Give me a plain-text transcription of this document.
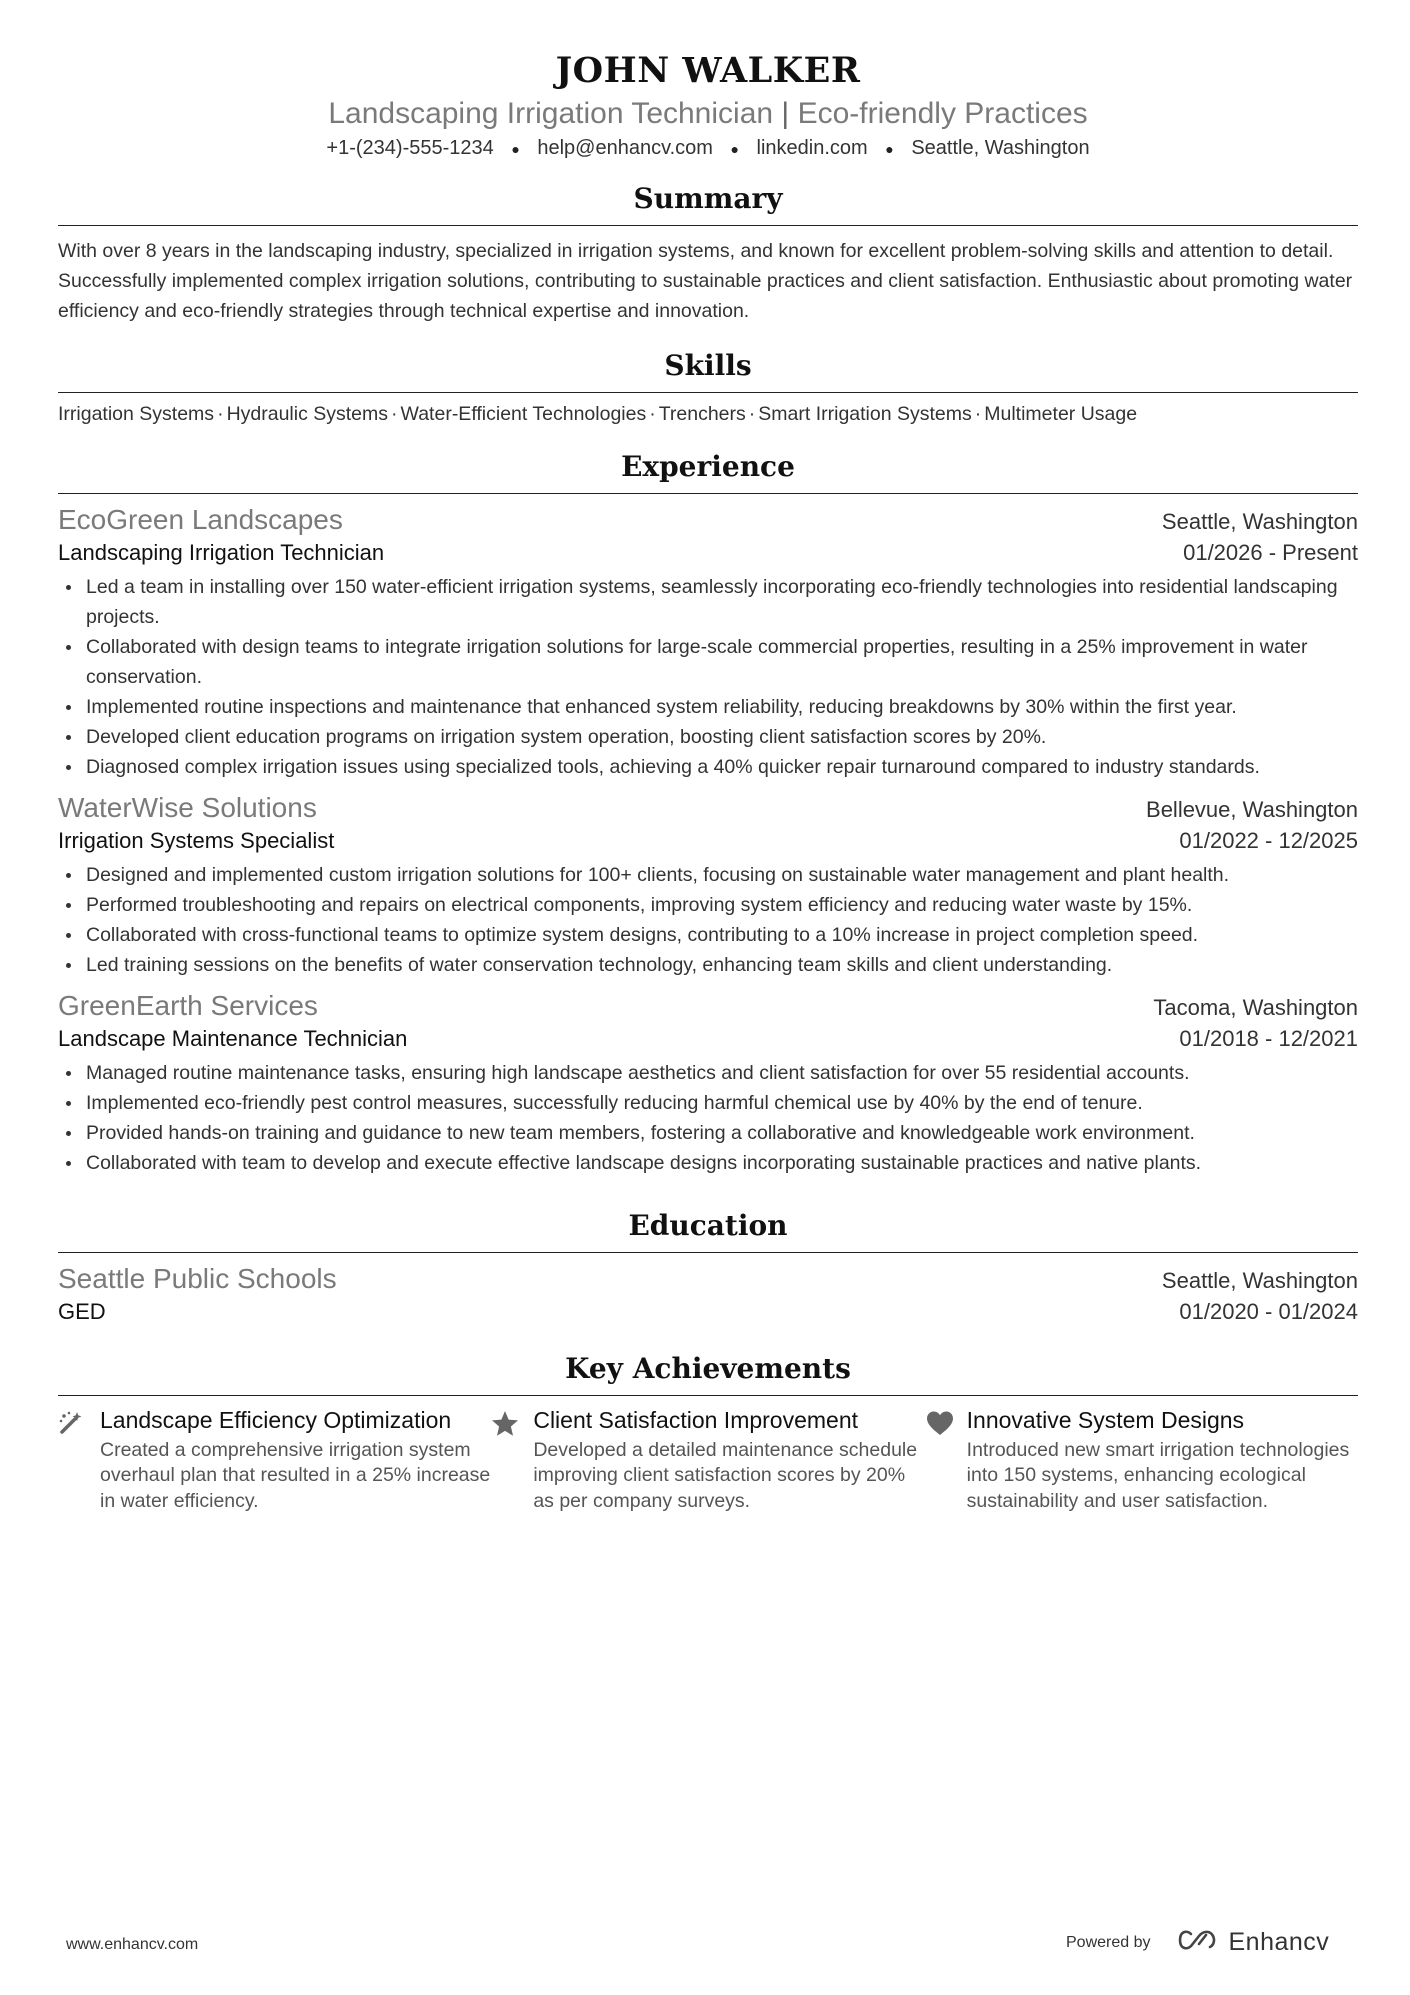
JOHN WALKER
Landscaping Irrigation Technician | Eco-friendly Practices
+1-(234)-555-1234 ● help@enhancv.com ● linkedin.com ● Seattle, Washington
Summary
With over 8 years in the landscaping industry, specialized in irrigation systems, and known for excellent problem-solving skills and attention to detail. Successfully implemented complex irrigation solutions, contributing to sustainable practices and client satisfaction. Enthusiastic about promoting water efficiency and eco-friendly strategies through technical expertise and innovation.
Skills
Irrigation Systems · Hydraulic Systems · Water-Efficient Technologies · Trenchers · Smart Irrigation Systems · Multimeter Usage
Experience
EcoGreen Landscapes	Seattle, Washington
Landscaping Irrigation Technician	01/2026 - Present
Led a team in installing over 150 water-efficient irrigation systems, seamlessly incorporating eco-friendly technologies into residential landscaping projects.
Collaborated with design teams to integrate irrigation solutions for large-scale commercial properties, resulting in a 25% improvement in water conservation.
Implemented routine inspections and maintenance that enhanced system reliability, reducing breakdowns by 30% within the first year.
Developed client education programs on irrigation system operation, boosting client satisfaction scores by 20%.
Diagnosed complex irrigation issues using specialized tools, achieving a 40% quicker repair turnaround compared to industry standards.
WaterWise Solutions	Bellevue, Washington
Irrigation Systems Specialist	01/2022 - 12/2025
Designed and implemented custom irrigation solutions for 100+ clients, focusing on sustainable water management and plant health.
Performed troubleshooting and repairs on electrical components, improving system efficiency and reducing water waste by 15%.
Collaborated with cross-functional teams to optimize system designs, contributing to a 10% increase in project completion speed.
Led training sessions on the benefits of water conservation technology, enhancing team skills and client understanding.
GreenEarth Services	Tacoma, Washington
Landscape Maintenance Technician	01/2018 - 12/2021
Managed routine maintenance tasks, ensuring high landscape aesthetics and client satisfaction for over 55 residential accounts.
Implemented eco-friendly pest control measures, successfully reducing harmful chemical use by 40% by the end of tenure.
Provided hands-on training and guidance to new team members, fostering a collaborative and knowledgeable work environment.
Collaborated with team to develop and execute effective landscape designs incorporating sustainable practices and native plants.
Education
Seattle Public Schools	Seattle, Washington
GED	01/2020 - 01/2024
Key Achievements
Landscape Efficiency Optimization
Created a comprehensive irrigation system overhaul plan that resulted in a 25% increase in water efficiency.
Client Satisfaction Improvement
Developed a detailed maintenance schedule improving client satisfaction scores by 20% as per company surveys.
Innovative System Designs
Introduced new smart irrigation technologies into 150 systems, enhancing ecological sustainability and user satisfaction.
www.enhancv.com	Powered by	Enhancv
